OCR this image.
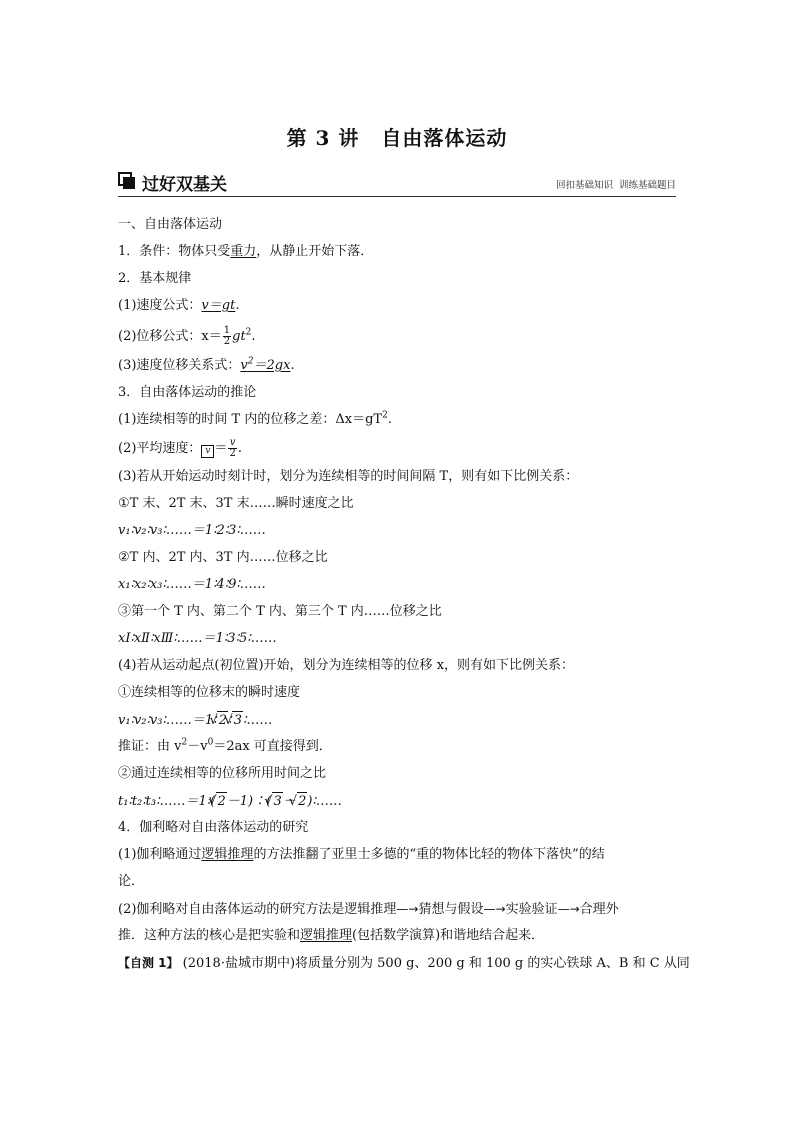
第 3 讲 自由落体运动
过好双基关	回扣基础知识 训练基础题目
一、自由落体运动
1．条件：物体只受重力，从静止开始下落．
2．基本规律
(1)速度公式：v＝gt.
(2)位移公式：$x= \frac{1}{2} gt^2$.
(3)速度位移关系式：$v^2=2gx$.
3．自由落体运动的推论
(1)连续相等的时间 T 内的位移之差：$\Delta x=gT^2$.
(2)平均速度： $v = \frac{v}{2}$ .
(3)若从开始运动时刻计时，划分为连续相等的时间间隔 T，则有如下比例关系：
①T 末、2T 末、3T 末……瞬时速度之比
v₁∶v₂∶v₃∶……＝1∶2∶3∶……
②T 内、2T 内、3T 内……位移之比
x₁∶x₂∶x₃∶……＝1∶4∶9∶……
③第一个 T 内、第二个 T 内、第三个 T 内……位移之比
xⅠ∶xⅡ∶xⅢ∶……＝1∶3∶5∶……
(4)若从运动起点(初位置)开始，划分为连续相等的位移 x，则有如下比例关系：
①连续相等的位移末的瞬时速度
v₁∶v₂∶v₃∶……＝1∶ √ 2∶ √ 3∶……
推证：由 $v^2-v^0=2ax$ 可直接得到．
②通过连续相等的位移所用时间之比
t₁∶t₂∶t₃∶……＝1∶( √ 2－1)∶( √ 3－ √ 2)∶……
4．伽利略对自由落体运动的研究
(1)伽利略通过逻辑推理的方法推翻了亚里士多德的“重的物体比轻的物体下落快”的结
论．
(2)伽利略对自由落体运动的研究方法是逻辑推理—→猜想与假设—→实验验证—→合理外
推．这种方法的核心是把实验和逻辑推理(包括数学演算)和谐地结合起来．
【自测 1】 (2018·盐城市期中)将质量分别为 500 g、200 g 和 100 g 的实心铁球 A、B 和 C 从同
